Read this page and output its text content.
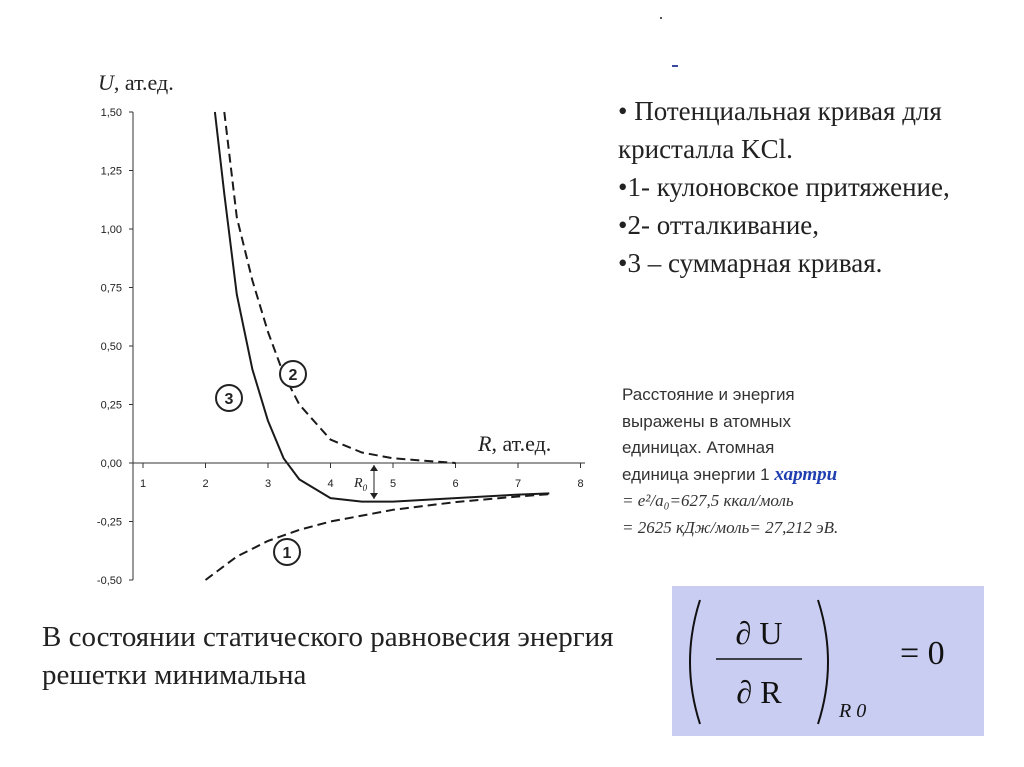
1,50
1,25
1,00
0,75
0,50
0,25
0,00
-0,25
-0,50
1	2	3	4	5	6	7	8
U, ат.ед.
R, ат.ед.
1
2
3
$R_0$
∂ U
∂ R
R 0
= 0
• Потенциальная кривая для кристалла KCl.
•1- кулоновское притяжение,
•2- отталкивание,
•3 – суммарная кривая.
Расстояние и энергия
выражены в атомных
единицах. Атомная
единица энергии 1 хартри
= e²/a₀=627,5 ккал/моль
= 2625 кДж/моль= 27,212 эВ.
В состоянии статического равновесия энергия решетки минимальна
